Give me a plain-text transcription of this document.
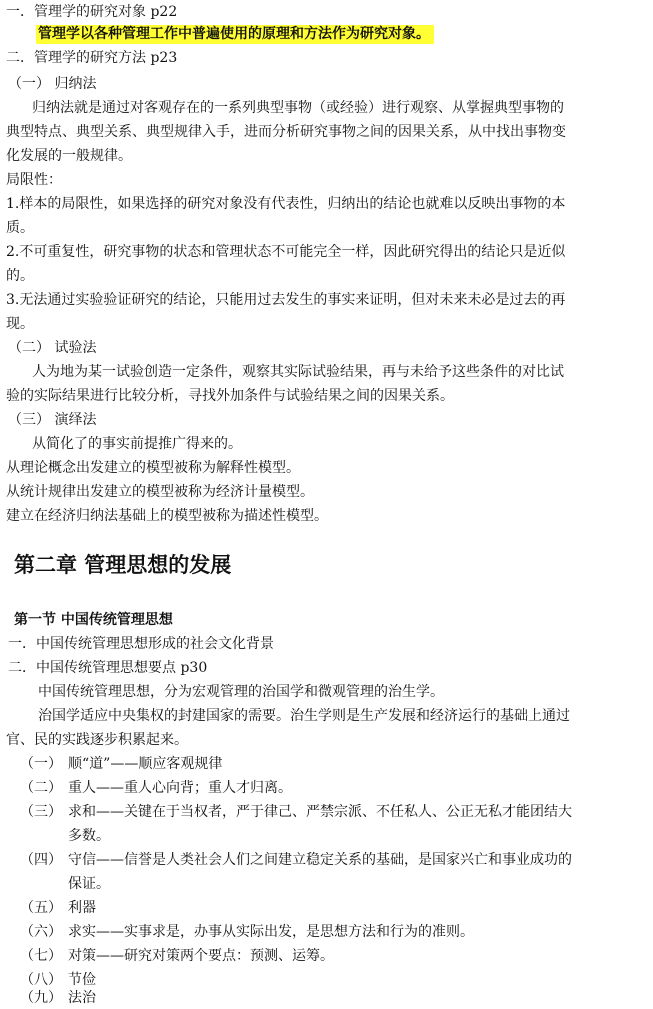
一．管理学的研究对象 p22
管理学以各种管理工作中普遍使用的原理和方法作为研究对象。
二．管理学的研究方法 p23
（一） 归纳法
归纳法就是通过对客观存在的一系列典型事物（或经验）进行观察、从掌握典型事物的
典型特点、典型关系、典型规律入手，进而分析研究事物之间的因果关系，从中找出事物变
化发展的一般规律。
局限性：
1.样本的局限性，如果选择的研究对象没有代表性，归纳出的结论也就难以反映出事物的本
质。
2.不可重复性，研究事物的状态和管理状态不可能完全一样，因此研究得出的结论只是近似
的。
3.无法通过实验验证研究的结论，只能用过去发生的事实来证明，但对未来未必是过去的再
现。
（二） 试验法
人为地为某一试验创造一定条件，观察其实际试验结果，再与未给予这些条件的对比试
验的实际结果进行比较分析，寻找外加条件与试验结果之间的因果关系。
（三） 演绎法
从简化了的事实前提推广得来的。
从理论概念出发建立的模型被称为解释性模型。
从统计规律出发建立的模型被称为经济计量模型。
建立在经济归纳法基础上的模型被称为描述性模型。
第二章 管理思想的发展
第一节 中国传统管理思想
一．中国传统管理思想形成的社会文化背景
二．中国传统管理思想要点 p30
中国传统管理思想，分为宏观管理的治国学和微观管理的治生学。
治国学适应中央集权的封建国家的需要。治生学则是生产发展和经济运行的基础上通过
官、民的实践逐步积累起来。
（一） 顺“道”——顺应客观规律
（二） 重人——重人心向背；重人才归离。
（三） 求和——关键在于当权者，严于律己、严禁宗派、不任私人、公正无私才能团结大
多数。
（四） 守信——信誉是人类社会人们之间建立稳定关系的基础，是国家兴亡和事业成功的
保证。
（五） 利器
（六） 求实——实事求是，办事从实际出发，是思想方法和行为的准则。
（七） 对策——研究对策两个要点：预测、运筹。
（八） 节俭
（九） 法治
